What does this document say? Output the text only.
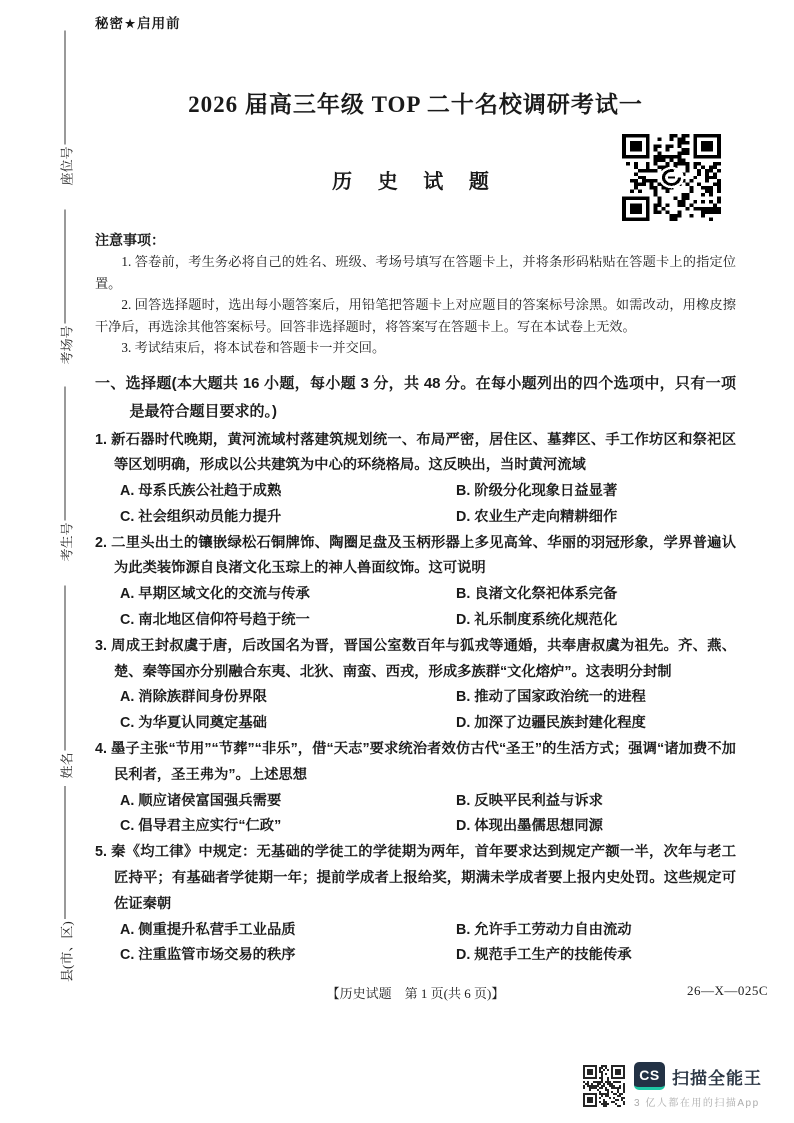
座位号
考场号
考生号
姓名
县(市、区)
秘密★启用前
2026 届高三年级 TOP 二十名校调研考试一
历 史 试 题
注意事项：

1. 答卷前，考生务必将自己的姓名、班级、考场号填写在答题卡上，并将条形码粘贴在答题卡上的指定位置。

2. 回答选择题时，选出每小题答案后，用铅笔把答题卡上对应题目的答案标号涂黑。如需改动，用橡皮擦干净后，再选涂其他答案标号。回答非选择题时，将答案写在答题卡上。写在本试卷上无效。

3. 考试结束后，将本试卷和答题卡一并交回。

一、选择题(本大题共 16 小题，每小题 3 分，共 48 分。在每小题列出的四个选项中，只有一项是最符合题目要求的。)

1. 新石器时代晚期，黄河流域村落建筑规划统一、布局严密，居住区、墓葬区、手工作坊区和祭祀区等区划明确，形成以公共建筑为中心的环绕格局。这反映出，当时黄河流域

A. 母系氏族公社趋于成熟	B. 阶级分化现象日益显著
C. 社会组织动员能力提升	D. 农业生产走向精耕细作

2. 二里头出土的镶嵌绿松石铜牌饰、陶圈足盘及玉柄形器上多见高耸、华丽的羽冠形象，学界普遍认为此类装饰源自良渚文化玉琮上的神人兽面纹饰。这可说明

A. 早期区域文化的交流与传承	B. 良渚文化祭祀体系完备
C. 南北地区信仰符号趋于统一	D. 礼乐制度系统化规范化

3. 周成王封叔虞于唐，后改国名为晋，晋国公室数百年与狐戎等通婚，共奉唐叔虞为祖先。齐、燕、楚、秦等国亦分别融合东夷、北狄、南蛮、西戎，形成多族群“文化熔炉”。这表明分封制

A. 消除族群间身份界限	B. 推动了国家政治统一的进程
C. 为华夏认同奠定基础	D. 加深了边疆民族封建化程度

4. 墨子主张“节用”“节葬”“非乐”，借“天志”要求统治者效仿古代“圣王”的生活方式；强调“诸加费不加民利者，圣王弗为”。上述思想

A. 顺应诸侯富国强兵需要	B. 反映平民利益与诉求
C. 倡导君主应实行“仁政”	D. 体现出墨儒思想同源

5. 秦《均工律》中规定：无基础的学徒工的学徒期为两年，首年要求达到规定产额一半，次年与老工匠持平；有基础者学徒期一年；提前学成者上报给奖，期满未学成者要上报内史处罚。这些规定可佐证秦朝

A. 侧重提升私营手工业品质	B. 允许手工劳动力自由流动
C. 注重监管市场交易的秩序	D. 规范手工生产的技能传承
【历史试题　第 1 页(共 6 页)】	26—X—025C
CS 扫描全能王
3 亿人都在用的扫描App
